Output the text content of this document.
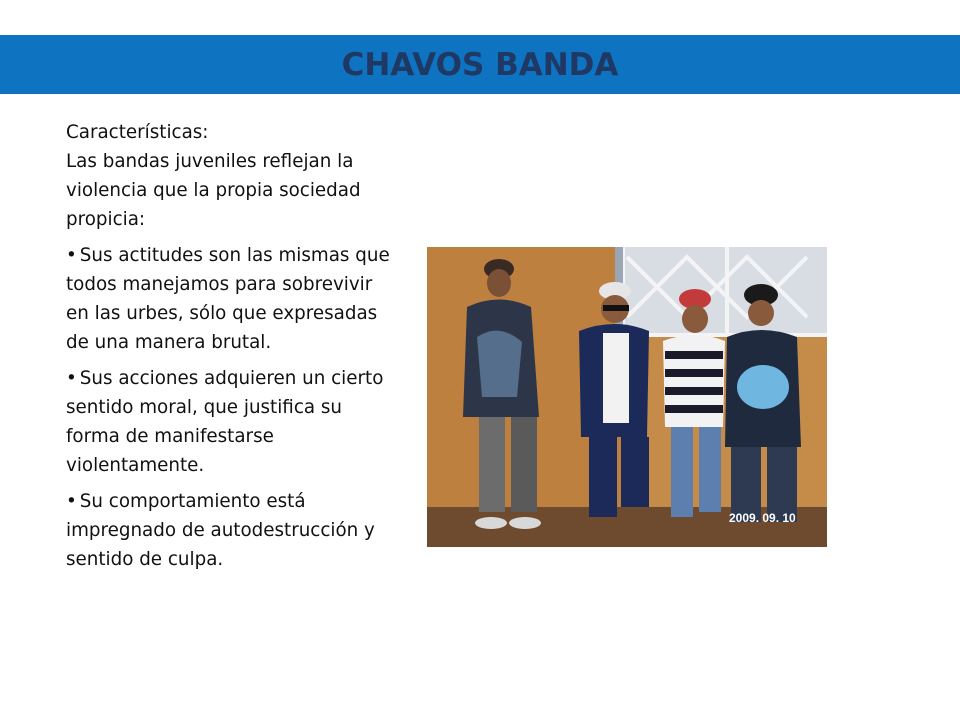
CHAVOS BANDA

Características:

Las bandas juveniles reflejan la violencia que la propia sociedad propicia:

• Sus actitudes son las mismas que todos manejamos para sobrevivir en las urbes, sólo que expresadas de una manera brutal.

• Sus acciones adquieren un cierto sentido moral, que justifica su forma de manifestarse violentamente.

• Su comportamiento está impregnado de autodestrucción y sentido de culpa.

2009. 09. 10
